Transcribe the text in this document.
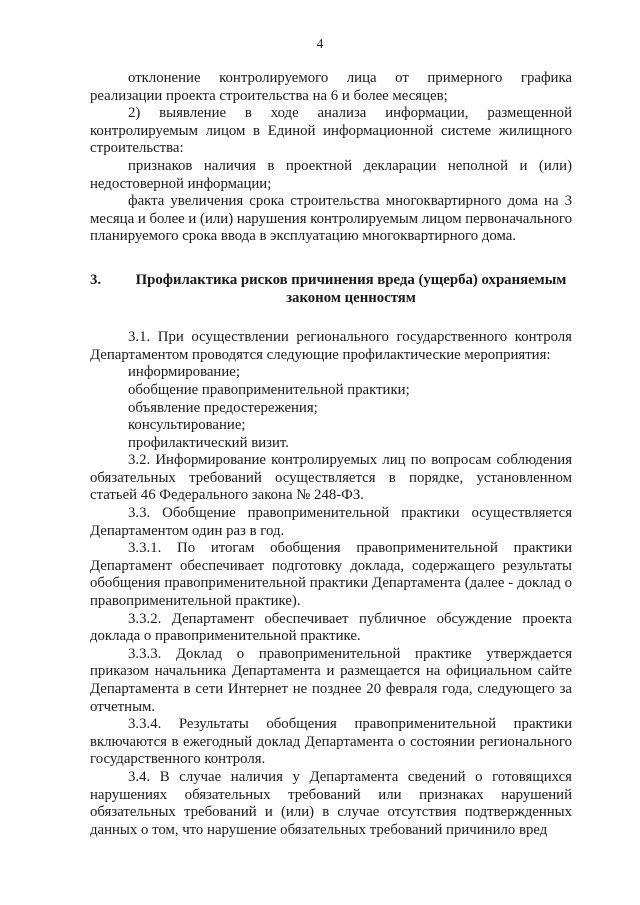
4

отклонение контролируемого лица от примерного графика реализации проекта строительства на 6 и более месяцев;

2) выявление в ходе анализа информации, размещенной контролируемым лицом в Единой информационной системе жилищного строительства:

признаков наличия в проектной декларации неполной и (или) недостоверной информации;

факта увеличения срока строительства многоквартирного дома на 3 месяца и более и (или) нарушения контролируемым лицом первоначального планируемого срока ввода в эксплуатацию многоквартирного дома.

3.	Профилактика рисков причинения вреда (ущерба) охраняемым законом ценностям

3.1. При осуществлении регионального государственного контроля Департаментом проводятся следующие профилактические мероприятия:

информирование;

обобщение правоприменительной практики;

объявление предостережения;

консультирование;

профилактический визит.

3.2. Информирование контролируемых лиц по вопросам соблюдения обязательных требований осуществляется в порядке, установленном статьей 46 Федерального закона № 248-ФЗ.

3.3. Обобщение правоприменительной практики осуществляется Департаментом один раз в год.

3.3.1. По итогам обобщения правоприменительной практики Департамент обеспечивает подготовку доклада, содержащего результаты обобщения правоприменительной практики Департамента (далее - доклад о правоприменительной практике).

3.3.2. Департамент обеспечивает публичное обсуждение проекта доклада о правоприменительной практике.

3.3.3. Доклад о правоприменительной практике утверждается приказом начальника Департамента и размещается на официальном сайте Департамента в сети Интернет не позднее 20 февраля года, следующего за отчетным.

3.3.4. Результаты обобщения правоприменительной практики включаются в ежегодный доклад Департамента о состоянии регионального государственного контроля.

3.4. В случае наличия у Департамента сведений о готовящихся нарушениях обязательных требований или признаках нарушений обязательных требований и (или) в случае отсутствия подтвержденных данных о том, что нарушение обязательных требований причинило вред
